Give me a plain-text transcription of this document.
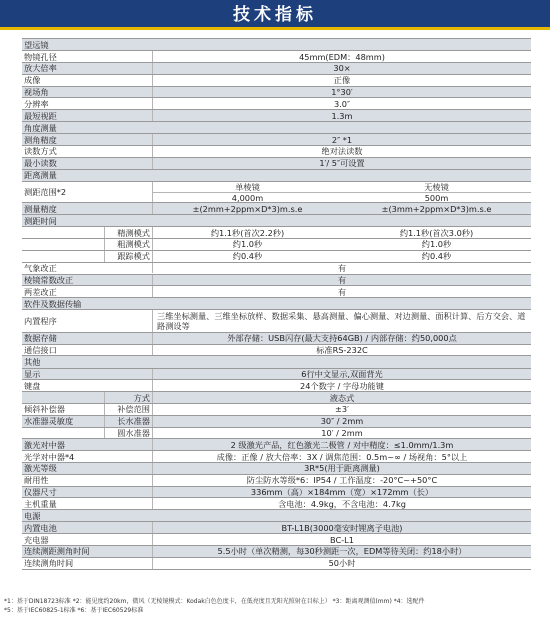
技术指标
望远镜
物镜孔径	45mm(EDM：48mm)
放大倍率	30×
成像	正像
视场角	1°30′
分辨率	3.0″
最短视距	1.3m
角度测量
测角精度	2″ *1
读数方式	绝对法读数
最小读数	1′/ 5″可设置
距离测量
测距范围*2
单棱镜	无棱镜
4,000m	500m
测量精度	±(2mm+2ppm×D*3)m.s.e	±(3mm+2ppm×D*3)m.s.e
测距时间
精测模式	约1.1秒(首次2.2秒)	约1.1秒(首次3.0秒)
粗测模式	约1.0秒	约1.0秒
跟踪模式	约0.4秒	约0.4秒
气象改正	有
棱镜常数改正	有
两差改正	有
软件及数据传输
内置程序	三维坐标测量、三维坐标放样、数据采集、悬高测量、偏心测量、对边测量、面积计算、后方交会、道路测设等
数据存储	外部存储：USB闪存(最大支持64GB) / 内部存储：约50,000点
通信接口	标准RS-232C
其他
显示	6行中文显示,双面背光
键盘	24个数字 / 字母功能键
方式	液态式
倾斜补偿器	补偿范围	±3′
水准器灵敏度	长水准器	30″ / 2mm
圆水准器	10′ / 2mm
激光对中器	2 级激光产品，红色激光二极管 / 对中精度：≤1.0mm/1.3m
光学对中器*4	成像：正像 / 放大倍率：3X / 调焦范围：0.5m~∞ / 场视角：5°以上
激光等级	3R*5(用于距离测量)
耐用性	防尘防水等级*6：IP54 / 工作温度：-20°C~+50°C
仪器尺寸	336mm（高）×184mm（宽）×172mm（长）
主机重量	含电池：4.9kg，不含电池：4.7kg
电源
内置电池	BT-L1B(3000毫安时锂离子电池)
充电器	BC-L1
连续测距测角时间	5.5小时（单次精测，每30秒测距一次，EDM等待关闭：约18小时）
连续测角时间	50小时
*1：基于DIN18723标准 *2：能见度约20km，微风（无棱镜模式：Kodak白色色度卡，在低亮度且无阳光照射在目标上） *3：距离观测值(mm) *4：选配件
*5：基于IEC60825-1标准 *6：基于IEC60529标准
